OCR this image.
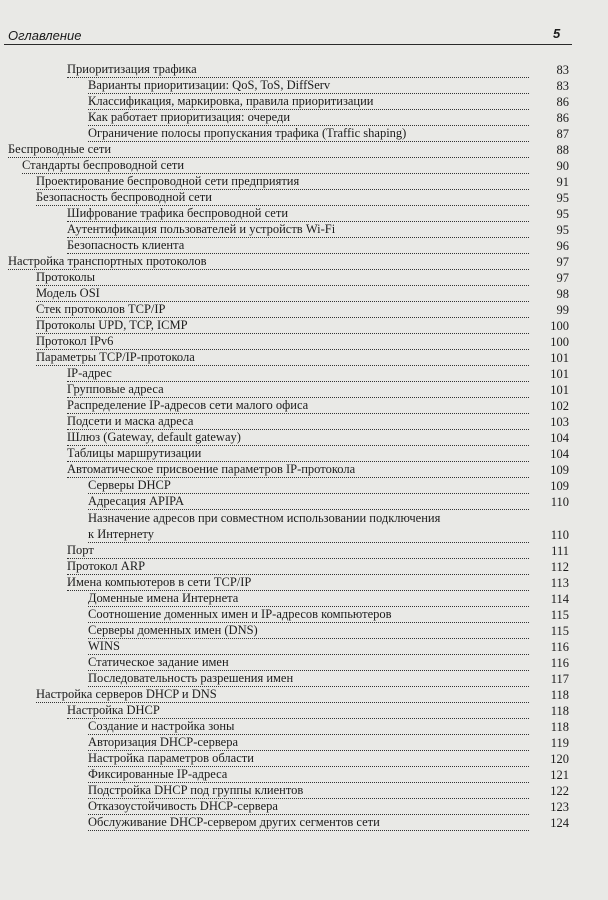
Оглавление	5
Приоритизация трафика	83
Варианты приоритизации: QoS, ToS, DiffServ	83
Классификация, маркировка, правила приоритизации	86
Как работает приоритизация: очереди	86
Ограничение полосы пропускания трафика (Traffic shaping)	87
Беспроводные сети	88
Стандарты беспроводной сети	90
Проектирование беспроводной сети предприятия	91
Безопасность беспроводной сети	95
Шифрование трафика беспроводной сети	95
Аутентификация пользователей и устройств Wi-Fi	95
Безопасность клиента	96
Настройка транспортных протоколов	97
Протоколы	97
Модель OSI	98
Стек протоколов TCP/IP	99
Протоколы UPD, TCP, ICMP	100
Протокол IPv6	100
Параметры TCP/IP-протокола	101
IP-адрес	101
Групповые адреса	101
Распределение IP-адресов сети малого офиса	102
Подсети и маска адреса	103
Шлюз (Gateway, default gateway)	104
Таблицы маршрутизации	104
Автоматическое присвоение параметров IP-протокола	109
Серверы DHCP	109
Адресация APIPA	110
Назначение адресов при совместном использовании подключения
к Интернету	110
Порт	111
Протокол ARP	112
Имена компьютеров в сети TCP/IP	113
Доменные имена Интернета	114
Соотношение доменных имен и IP-адресов компьютеров	115
Серверы доменных имен (DNS)	115
WINS	116
Статическое задание имен	116
Последовательность разрешения имен	117
Настройка серверов DHCP и DNS	118
Настройка DHCP	118
Создание и настройка зоны	118
Авторизация DHCP-сервера	119
Настройка параметров области	120
Фиксированные IP-адреса	121
Подстройка DHCP под группы клиентов	122
Отказоустойчивость DHCP-сервера	123
Обслуживание DHCP-сервером других сегментов сети	124
